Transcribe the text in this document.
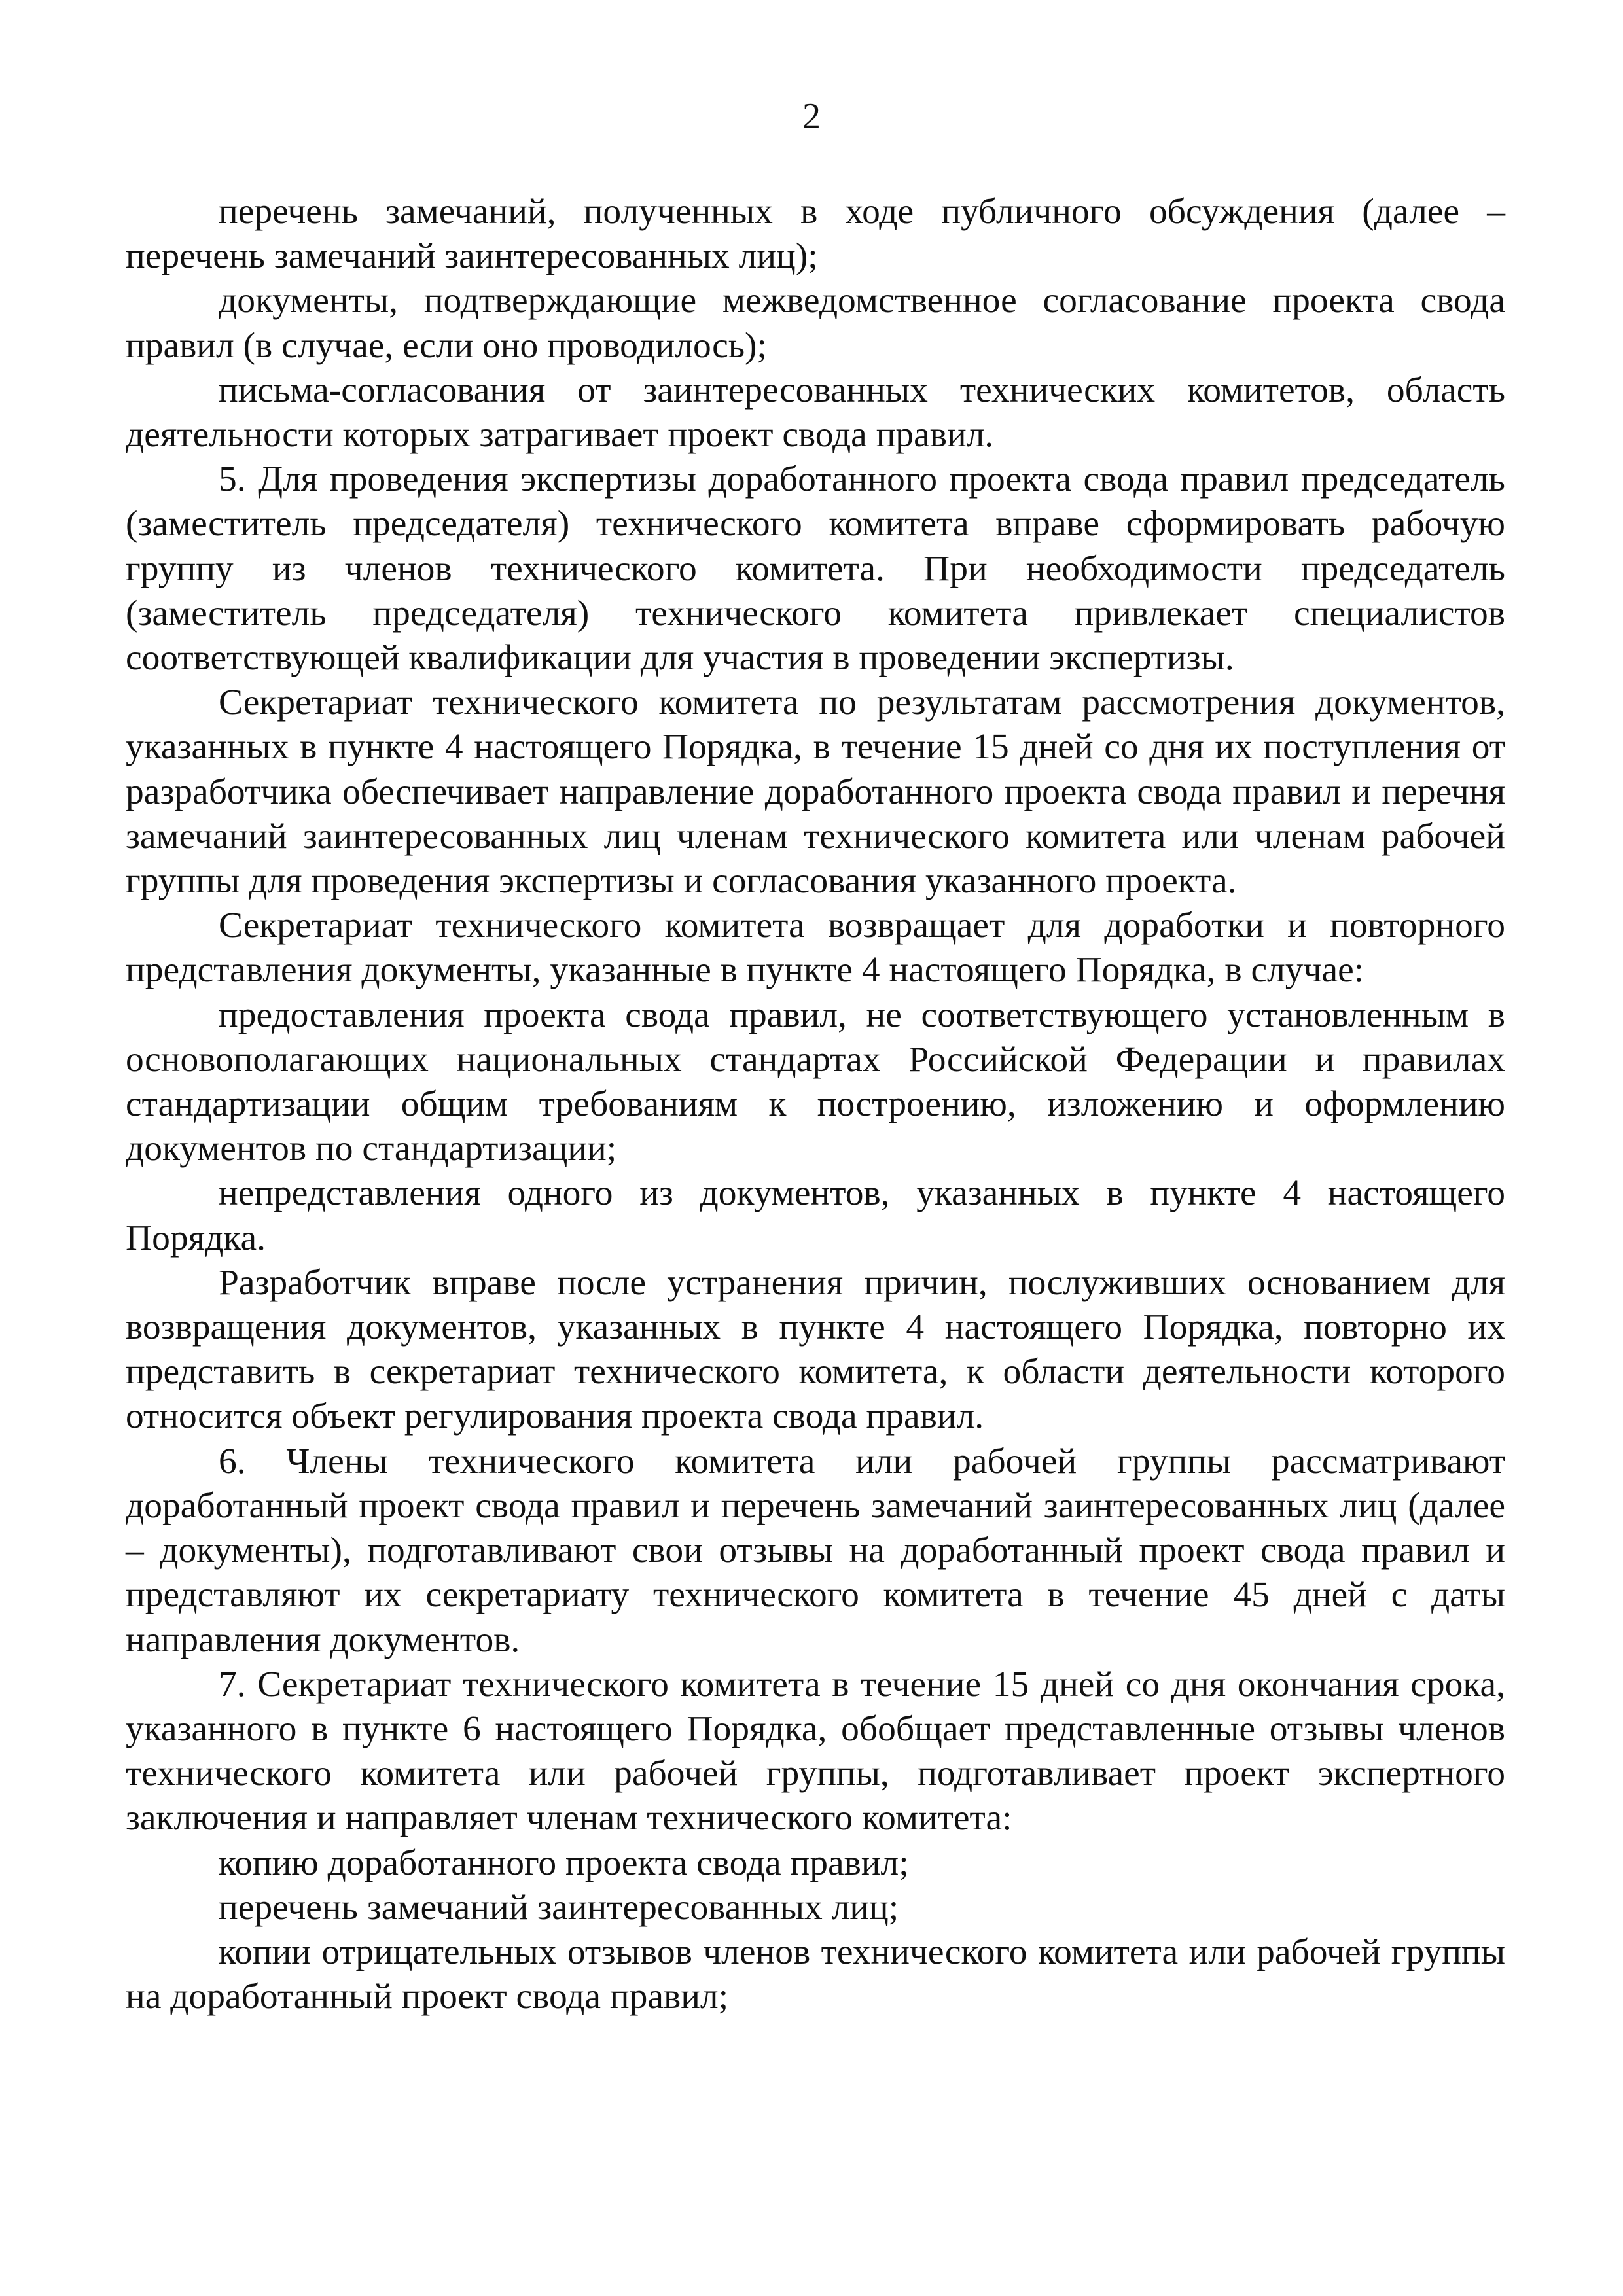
2

перечень замечаний, полученных в ходе публичного обсуждения (далее – перечень замечаний заинтересованных лиц);

документы, подтверждающие межведомственное согласование проекта свода правил (в случае, если оно проводилось);

письма-согласования от заинтересованных технических комитетов, область деятельности которых затрагивает проект свода правил.

5. Для проведения экспертизы доработанного проекта свода правил председатель (заместитель председателя) технического комитета вправе сформировать рабочую группу из членов технического комитета. При необходимости председатель (заместитель председателя) технического комитета привлекает специалистов соответствующей квалификации для участия в проведении экспертизы.

Секретариат технического комитета по результатам рассмотрения документов, указанных в пункте 4 настоящего Порядка, в течение 15 дней со дня их поступления от разработчика обеспечивает направление доработанного проекта свода правил и перечня замечаний заинтересованных лиц членам технического комитета или членам рабочей группы для проведения экспертизы и согласования указанного проекта.

Секретариат технического комитета возвращает для доработки и повторного представления документы, указанные в пункте 4 настоящего Порядка, в случае:

предоставления проекта свода правил, не соответствующего установленным в основополагающих национальных стандартах Российской Федерации и правилах стандартизации общим требованиям к построению, изложению и оформлению документов по стандартизации;

непредставления одного из документов, указанных в пункте 4 настоящего Порядка.

Разработчик вправе после устранения причин, послуживших основанием для возвращения документов, указанных в пункте 4 настоящего Порядка, повторно их представить в секретариат технического комитета, к области деятельности которого относится объект регулирования проекта свода правил.

6. Члены технического комитета или рабочей группы рассматривают доработанный проект свода правил и перечень замечаний заинтересованных лиц (далее – документы), подготавливают свои отзывы на доработанный проект свода правил и представляют их секретариату технического комитета в течение 45 дней с даты направления документов.

7. Секретариат технического комитета в течение 15 дней со дня окончания срока, указанного в пункте 6 настоящего Порядка, обобщает представленные отзывы членов технического комитета или рабочей группы, подготавливает проект экспертного заключения и направляет членам технического комитета:

копию доработанного проекта свода правил;

перечень замечаний заинтересованных лиц;

копии отрицательных отзывов членов технического комитета или рабочей группы на доработанный проект свода правил;
